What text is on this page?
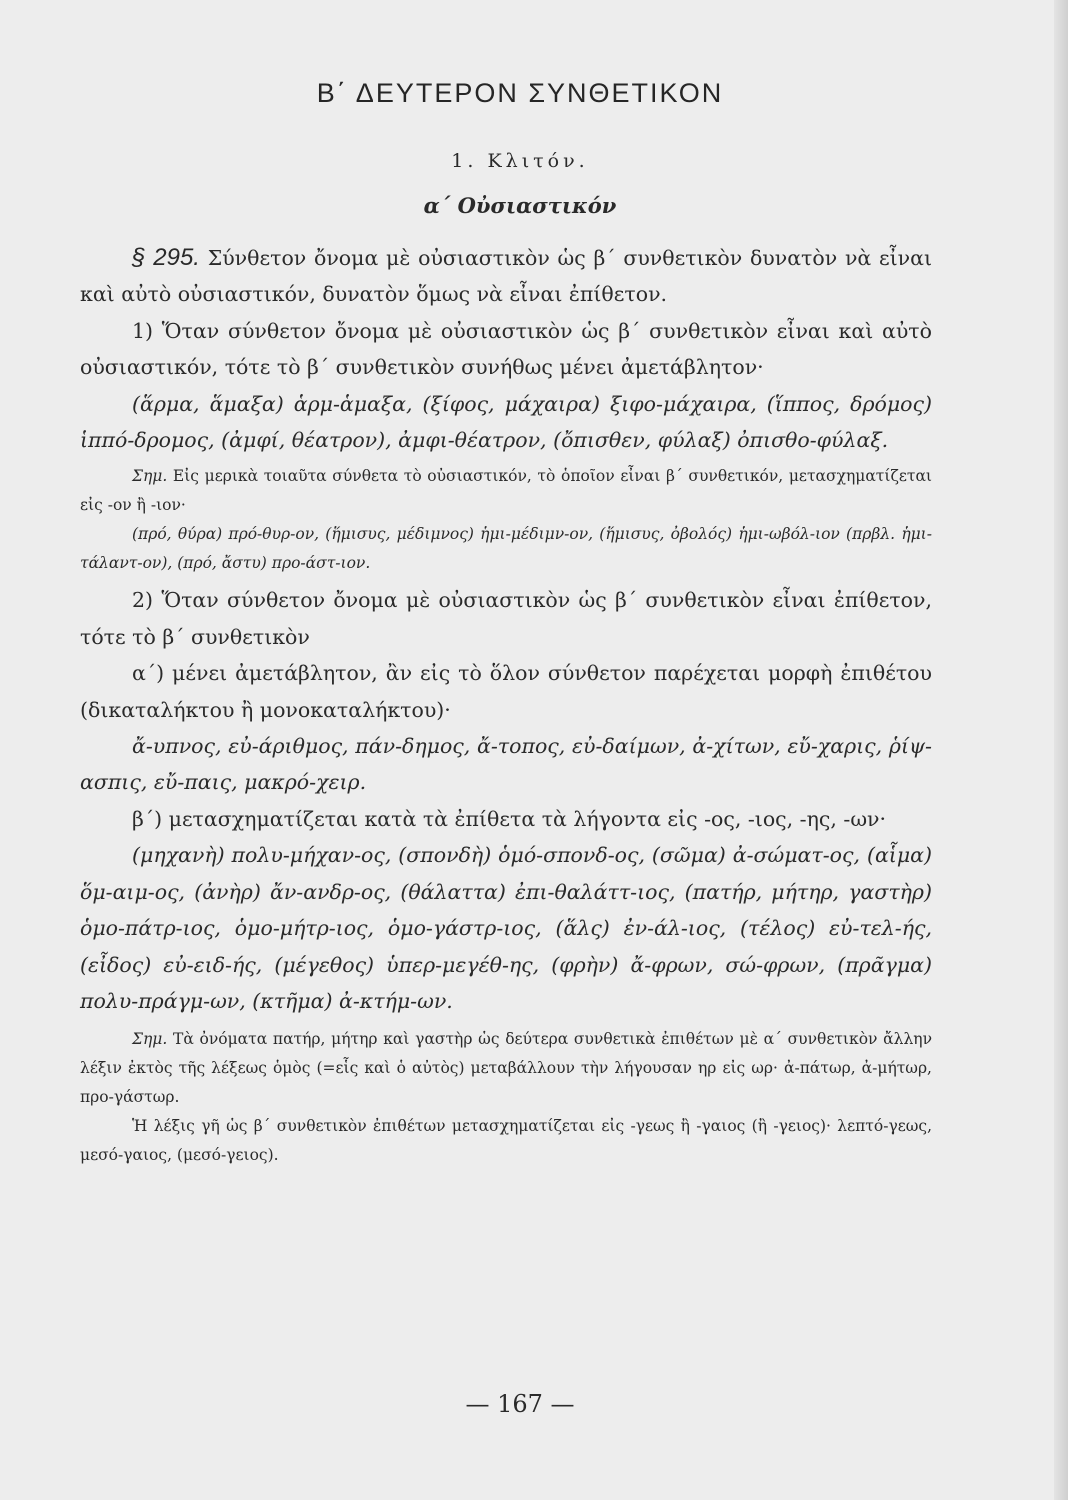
Β΄ ΔΕΥΤΕΡΟΝ ΣΥΝΘΕΤΙΚΟΝ
1. Κλιτόν.
α΄ Οὐσιαστικόν

§ 295. Σύνθετον ὄνομα μὲ οὐσιαστικὸν ὡς β΄ συνθετικὸν δυνατὸν νὰ εἶναι καὶ αὐτὸ οὐσιαστικόν, δυνατὸν ὅμως νὰ εἶναι ἐπίθετον.

1) Ὅταν σύνθετον ὄνομα μὲ οὐσιαστικὸν ὡς β΄ συνθετικὸν εἶναι καὶ αὐτὸ οὐσιαστικόν, τότε τὸ β΄ συνθετικὸν συνήθως μένει ἀμετάβλητον·

(ἅρμα, ἅμαξα) ἁρμ-ἁμαξα, (ξίφος, μάχαιρα) ξιφο-μάχαιρα, (ἵππος, δρόμος) ἱππό-δρομος, (ἀμφί, θέατρον), ἀμφι-θέατρον, (ὄπισθεν, φύλαξ) ὀπισθο-φύλαξ.

Σημ. Εἰς μερικὰ τοιαῦτα σύνθετα τὸ οὐσιαστικόν, τὸ ὁποῖον εἶναι β΄ συνθετικόν, μετασχηματίζεται εἰς -ον ἢ -ιον·

(πρό, θύρα) πρό-θυρ-ον, (ἥμισυς, μέδιμνος) ἡμι-μέδιμν-ον, (ἥμισυς, ὀβολός) ἡμι-ωβόλ-ιον (πρβλ. ἡμι-τάλαντ-ον), (πρό, ἄστυ) προ-άστ-ιον.

2) Ὅταν σύνθετον ὄνομα μὲ οὐσιαστικὸν ὡς β΄ συνθετικὸν εἶναι ἐπίθετον, τότε τὸ β΄ συνθετικὸν

α΄) μένει ἀμετάβλητον, ἂν εἰς τὸ ὅλον σύνθετον παρέχεται μορφὴ ἐπιθέτου (δικαταλήκτου ἢ μονοκαταλήκτου)·

ἄ-υπνος, εὐ-άριθμος, πάν-δημος, ἄ-τοπος, εὐ-δαίμων, ἀ-χίτων, εὔ-χαρις, ῥίψ-ασπις, εὔ-παις, μακρό-χειρ.

β΄) μετασχηματίζεται κατὰ τὰ ἐπίθετα τὰ λήγοντα εἰς -ος, -ιος, -ης, -ων·

(μηχανὴ) πολυ-μήχαν-ος, (σπονδὴ) ὁμό-σπονδ-ος, (σῶμα) ἀ-σώματ-ος, (αἷμα) ὅμ-αιμ-ος, (ἀνὴρ) ἄν-ανδρ-ος, (θάλαττα) ἐπι-θαλάττ-ιος, (πατήρ, μήτηρ, γαστὴρ) ὁμο-πάτρ-ιος, ὁμο-μήτρ-ιος, ὁμο-γάστρ-ιος, (ἅλς) ἐν-άλ-ιος, (τέλος) εὐ-τελ-ής, (εἶδος) εὐ-ειδ-ής, (μέγεθος) ὑπερ-μεγέθ-ης, (φρὴν) ἄ-φρων, σώ-φρων, (πρᾶγμα) πολυ-πράγμ-ων, (κτῆμα) ἀ-κτήμ-ων.

Σημ. Τὰ ὀνόματα πατήρ, μήτηρ καὶ γαστὴρ ὡς δεύτερα συνθετικὰ ἐπιθέτων μὲ α΄ συνθετικὸν ἄλλην λέξιν ἐκτὸς τῆς λέξεως ὁμὸς (=εἷς καὶ ὁ αὐτὸς) μεταβάλλουν τὴν λήγουσαν ηρ εἰς ωρ· ἀ-πάτωρ, ἀ-μήτωρ, προ-γάστωρ.

Ἡ λέξις γῆ ὡς β΄ συνθετικὸν ἐπιθέτων μετασχηματίζεται εἰς -γεως ἢ -γαιος (ἢ -γειος)· λεπτό-γεως, μεσό-γαιος, (μεσό-γειος).

— 167 —
